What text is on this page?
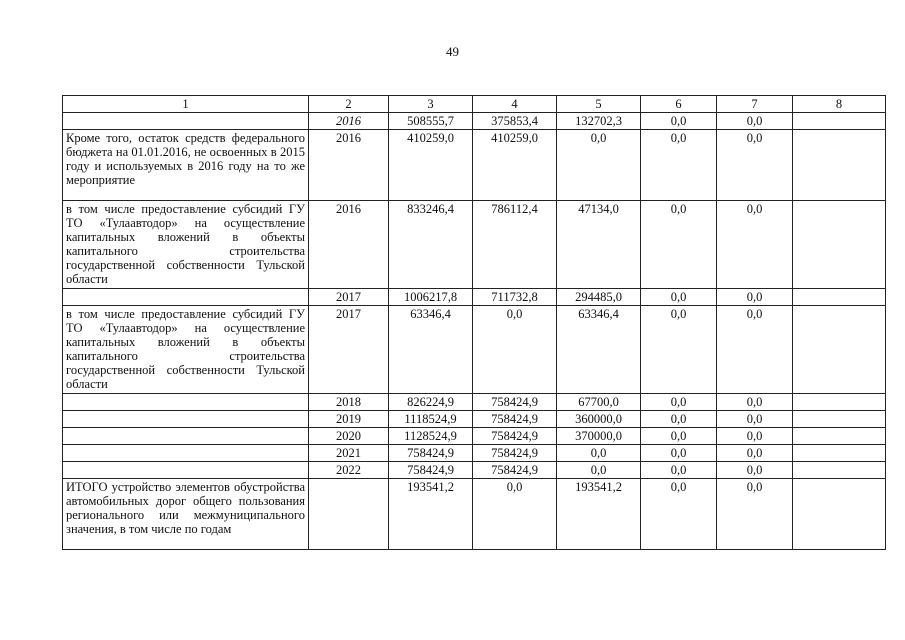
49
1	2	3	4	5	6	7	8
	2016	508555,7	375853,4	132702,3	0,0	0,0	
Кроме того, остаток средств федерального бюджета на 01.01.2016, не освоенных в 2015 году и используемых в 2016 году на то же мероприятие	2016	410259,0	410259,0	0,0	0,0	0,0	
в том числе предоставление субсидий ГУ ТО «Тулаавтодор» на осуществление капитальных вложений в объекты капитального строительства государственной собственности Тульской области	2016	833246,4	786112,4	47134,0	0,0	0,0	
	2017	1006217,8	711732,8	294485,0	0,0	0,0	
в том числе предоставление субсидий ГУ ТО «Тулаавтодор» на осуществление капитальных вложений в объекты капитального строительства государственной собственности Тульской области	2017	63346,4	0,0	63346,4	0,0	0,0	
	2018	826224,9	758424,9	67700,0	0,0	0,0	
	2019	1118524,9	758424,9	360000,0	0,0	0,0	
	2020	1128524,9	758424,9	370000,0	0,0	0,0	
	2021	758424,9	758424,9	0,0	0,0	0,0	
	2022	758424,9	758424,9	0,0	0,0	0,0	
ИТОГО устройство элементов обустройства автомобильных дорог общего пользования регионального или межмуниципального значения, в том числе по годам		193541,2	0,0	193541,2	0,0	0,0	
